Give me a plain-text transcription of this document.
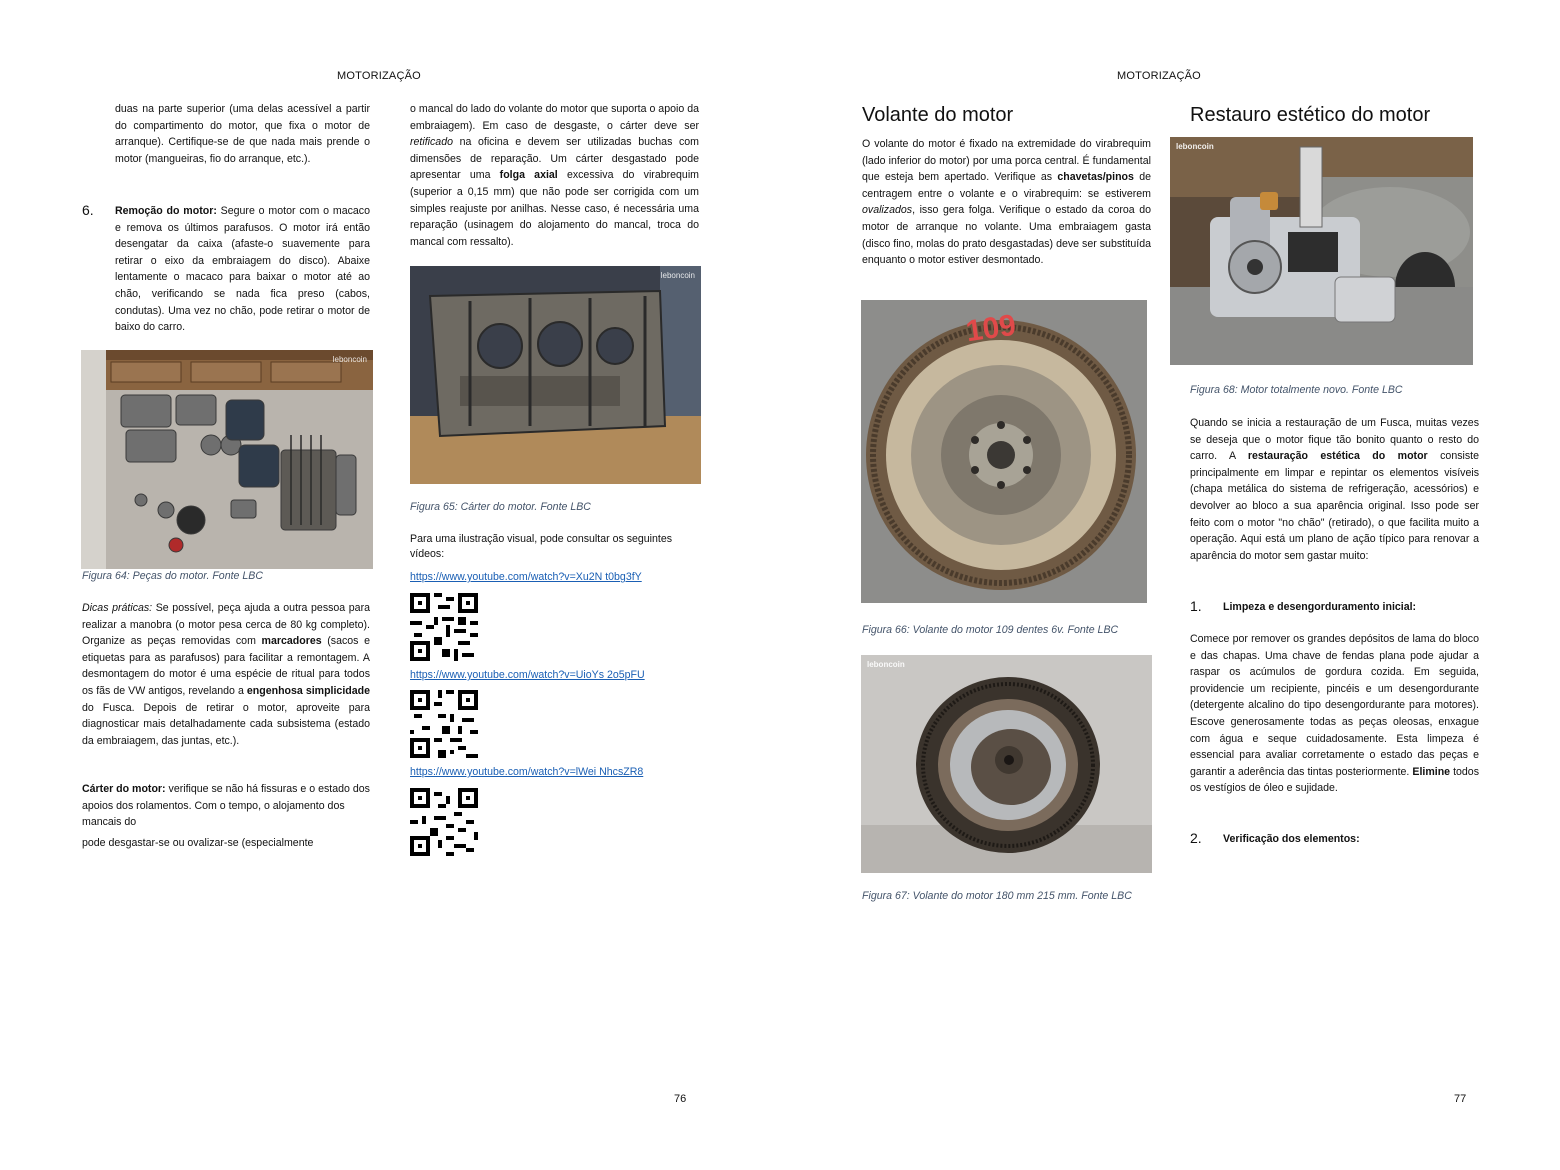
MOTORIZAÇÃO

duas na parte superior (uma delas acessível a partir do compartimento do motor, que fixa o motor de arranque). Certifique-se de que nada mais prende o motor (mangueiras, fio do arranque, etc.).

6. Remoção do motor: Segure o motor com o macaco e remova os últimos parafusos. O motor irá então desengatar da caixa (afaste-o suavemente para retirar o eixo da embraiagem do disco). Abaixe lentamente o macaco para baixar o motor até ao chão, verificando se nada fica preso (cabos, condutas). Uma vez no chão, pode retirar o motor de baixo do carro.

leboncoin
Figura 64: Peças do motor. Fonte LBC

Dicas práticas: Se possível, peça ajuda a outra pessoa para realizar a manobra (o motor pesa cerca de 80 kg completo). Organize as peças removidas com marcadores (sacos e etiquetas para as parafusos) para facilitar a remontagem. A desmontagem do motor é uma espécie de ritual para todos os fãs de VW antigos, revelando a engenhosa simplicidade do Fusca. Depois de retirar o motor, aproveite para diagnosticar mais detalhadamente cada subsistema (estado da embraiagem, das juntas, etc.).

Cárter do motor: verifique se não há fissuras e o estado dos apoios dos rolamentos. Com o tempo, o alojamento dos mancais do

pode desgastar-se ou ovalizar-se (especialmente

o mancal do lado do volante do motor que suporta o apoio da embraiagem). Em caso de desgaste, o cárter deve ser retificado na oficina e devem ser utilizadas buchas com dimensões de reparação. Um cárter desgastado pode apresentar uma folga axial excessiva do virabrequim (superior a 0,15 mm) que não pode ser corrigida com um simples reajuste por anilhas. Nesse caso, é necessária uma reparação (usinagem do alojamento do mancal, troca do mancal com ressalto).

leboncoin
Figura 65: Cárter do motor. Fonte LBC
Para uma ilustração visual, pode consultar os seguintes vídeos:
https://www.youtube.com/watch?v=Xu2N t0bg3fY
https://www.youtube.com/watch?v=UioYs 2o5pFU
https://www.youtube.com/watch?v=lWei NhcsZR8
76
MOTORIZAÇÃO
Volante do motor

O volante do motor é fixado na extremidade do virabrequim (lado inferior do motor) por uma porca central. É fundamental que esteja bem apertado. Verifique as chavetas/pinos de centragem entre o volante e o virabrequim: se estiverem ovalizados, isso gera folga. Verifique o estado da coroa do motor de arranque no volante. Uma embraiagem gasta (disco fino, molas do prato desgastadas) deve ser substituída enquanto o motor estiver desmontado.

109
Figura 66: Volante do motor 109 dentes 6v. Fonte LBC
leboncoin
Figura 67: Volante do motor 180 mm 215 mm. Fonte LBC
Restauro estético do motor
leboncoin
Figura 68: Motor totalmente novo. Fonte LBC

Quando se inicia a restauração de um Fusca, muitas vezes se deseja que o motor fique tão bonito quanto o resto do carro. A restauração estética do motor consiste principalmente em limpar e repintar os elementos visíveis (chapa metálica do sistema de refrigeração, acessórios) e devolver ao bloco a sua aparência original. Isso pode ser feito com o motor "no chão" (retirado), o que facilita muito a operação. Aqui está um plano de ação típico para renovar a aparência do motor sem gastar muito:

1. Limpeza e desengorduramento inicial:

Comece por remover os grandes depósitos de lama do bloco e das chapas. Uma chave de fendas plana pode ajudar a raspar os acúmulos de gordura cozida. Em seguida, providencie um recipiente, pincéis e um desengordurante (detergente alcalino do tipo desengordurante para motores). Escove generosamente todas as peças oleosas, enxague com água e seque cuidadosamente. Esta limpeza é essencial para avaliar corretamente o estado das peças e garantir a aderência das tintas posteriormente. Elimine todos os vestígios de óleo e sujidade.

2. Verificação dos elementos:
77
